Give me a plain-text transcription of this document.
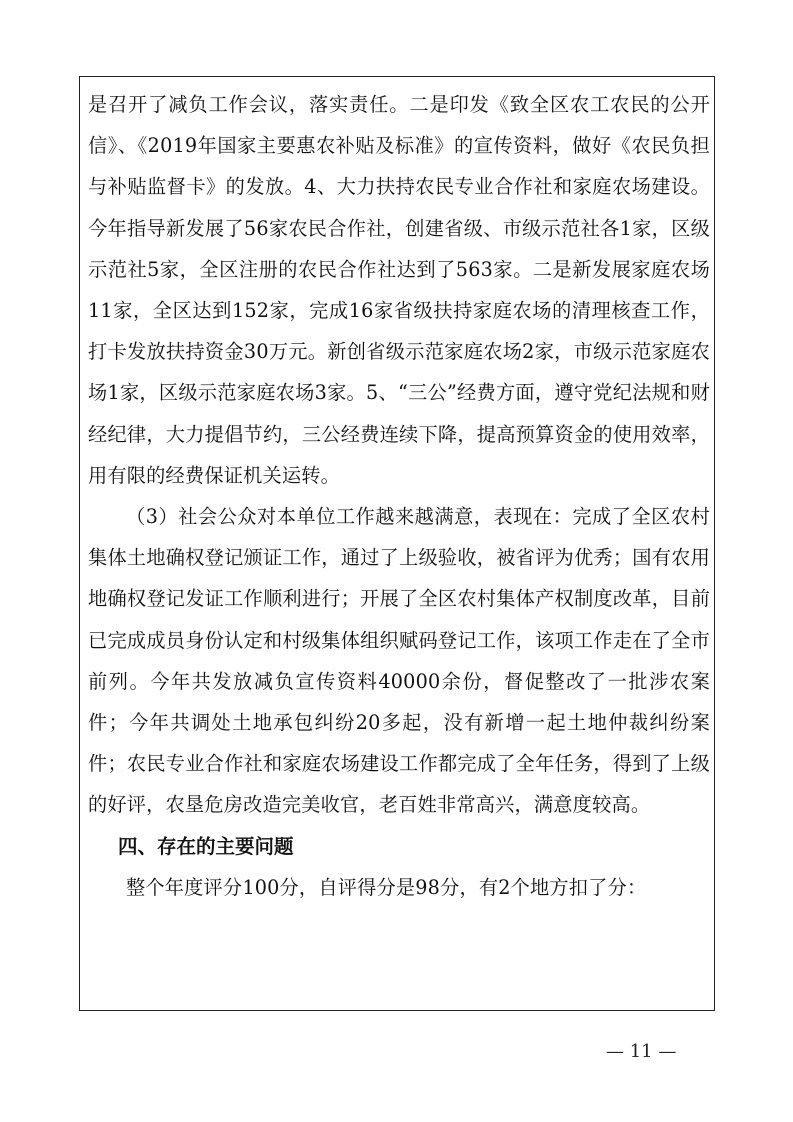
是召开了减负工作会议，落实责任。二是印发《致全区农工农民的公开信》、《2019年国家主要惠农补贴及标准》的宣传资料，做好《农民负担与补贴监督卡》的发放。4、大力扶持农民专业合作社和家庭农场建设。今年指导新发展了56家农民合作社，创建省级、市级示范社各1家，区级示范社5家，全区注册的农民合作社达到了563家。二是新发展家庭农场11家，全区达到152家，完成16家省级扶持家庭农场的清理核查工作，打卡发放扶持资金30万元。新创省级示范家庭农场2家，市级示范家庭农场1家，区级示范家庭农场3家。5、“三公”经费方面，遵守党纪法规和财经纪律，大力提倡节约，三公经费连续下降，提高预算资金的使用效率，用有限的经费保证机关运转。

（3）社会公众对本单位工作越来越满意，表现在：完成了全区农村集体土地确权登记颁证工作，通过了上级验收，被省评为优秀；国有农用地确权登记发证工作顺利进行；开展了全区农村集体产权制度改革，目前已完成成员身份认定和村级集体组织赋码登记工作，该项工作走在了全市前列。今年共发放减负宣传资料40000余份，督促整改了一批涉农案件；今年共调处土地承包纠纷20多起，没有新增一起土地仲裁纠纷案件；农民专业合作社和家庭农场建设工作都完成了全年任务，得到了上级的好评，农垦危房改造完美收官，老百姓非常高兴，满意度较高。

四、存在的主要问题

整个年度评分100分，自评得分是98分，有2个地方扣了分：

— 11 —
